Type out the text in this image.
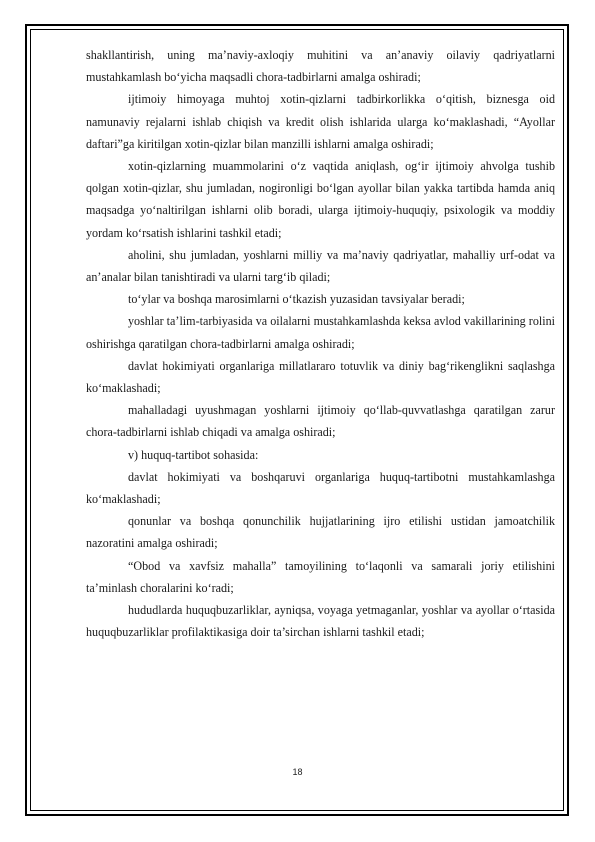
shakllantirish, uning ma’naviy-axloqiy muhitini va an’anaviy oilaviy qadriyatlarni mustahkamlash bo‘yicha maqsadli chora-tadbirlarni amalga oshiradi;

ijtimoiy himoyaga muhtoj xotin-qizlarni tadbirkorlikka o‘qitish, biznesga oid namunaviy rejalarni ishlab chiqish va kredit olish ishlarida ularga ko‘maklashadi, “Ayollar daftari”ga kiritilgan xotin-qizlar bilan manzilli ishlarni amalga oshiradi;

xotin-qizlarning muammolarini o‘z vaqtida aniqlash, og‘ir ijtimoiy ahvolga tushib qolgan xotin-qizlar, shu jumladan, nogironligi bo‘lgan ayollar bilan yakka tartibda hamda aniq maqsadga yo‘naltirilgan ishlarni olib boradi, ularga ijtimoiy-huquqiy, psixologik va moddiy yordam ko‘rsatish ishlarini tashkil etadi;

aholini, shu jumladan, yoshlarni milliy va ma’naviy qadriyatlar, mahalliy urf-odat va an’analar bilan tanishtiradi va ularni targ‘ib qiladi;

to‘ylar va boshqa marosimlarni o‘tkazish yuzasidan tavsiyalar beradi;

yoshlar ta’lim-tarbiyasida va oilalarni mustahkamlashda keksa avlod vakillarining rolini oshirishga qaratilgan chora-tadbirlarni amalga oshiradi;

davlat hokimiyati organlariga millatlararo totuvlik va diniy bag‘rikenglikni saqlashga ko‘maklashadi;

mahalladagi uyushmagan yoshlarni ijtimoiy qo‘llab-quvvatlashga qaratilgan zarur chora-tadbirlarni ishlab chiqadi va amalga oshiradi;

v) huquq-tartibot sohasida:

davlat hokimiyati va boshqaruvi organlariga huquq-tartibotni mustahkamlashga ko‘maklashadi;

qonunlar va boshqa qonunchilik hujjatlarining ijro etilishi ustidan jamoatchilik nazoratini amalga oshiradi;

“Obod va xavfsiz mahalla” tamoyilining to‘laqonli va samarali joriy etilishini ta’minlash choralarini ko‘radi;

hududlarda huquqbuzarliklar, ayniqsa, voyaga yetmaganlar, yoshlar va ayollar o‘rtasida huquqbuzarliklar profilaktikasiga doir ta’sirchan ishlarni tashkil etadi;

18
